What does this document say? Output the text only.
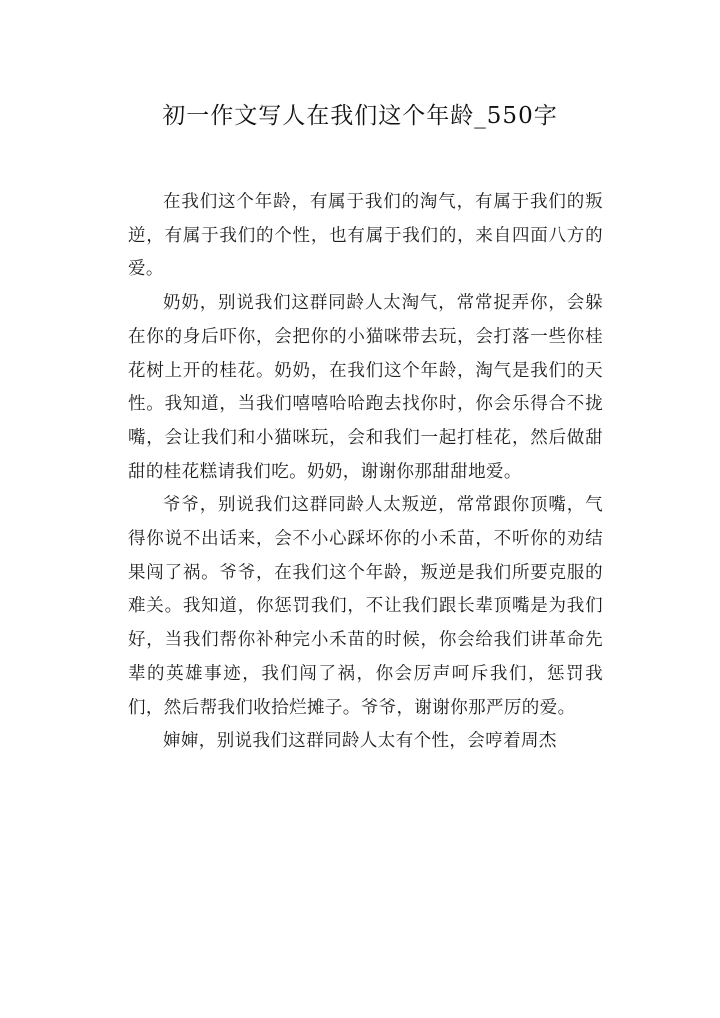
初一作文写人在我们这个年龄_550字

在我们这个年龄，有属于我们的淘气，有属于我们的叛逆，有属于我们的个性，也有属于我们的，来自四面八方的爱。

奶奶，别说我们这群同龄人太淘气，常常捉弄你，会躲在你的身后吓你，会把你的小猫咪带去玩，会打落一些你桂花树上开的桂花。奶奶，在我们这个年龄，淘气是我们的天性。我知道，当我们嘻嘻哈哈跑去找你时，你会乐得合不拢嘴，会让我们和小猫咪玩，会和我们一起打桂花，然后做甜甜的桂花糕请我们吃。奶奶，谢谢你那甜甜地爱。

爷爷，别说我们这群同龄人太叛逆，常常跟你顶嘴，气得你说不出话来，会不小心踩坏你的小禾苗，不听你的劝结果闯了祸。爷爷，在我们这个年龄，叛逆是我们所要克服的难关。我知道，你惩罚我们，不让我们跟长辈顶嘴是为我们好，当我们帮你补种完小禾苗的时候，你会给我们讲革命先辈的英雄事迹，我们闯了祸，你会厉声呵斥我们，惩罚我们，然后帮我们收拾烂摊子。爷爷，谢谢你那严厉的爱。

婶婶，别说我们这群同龄人太有个性，会哼着周杰
